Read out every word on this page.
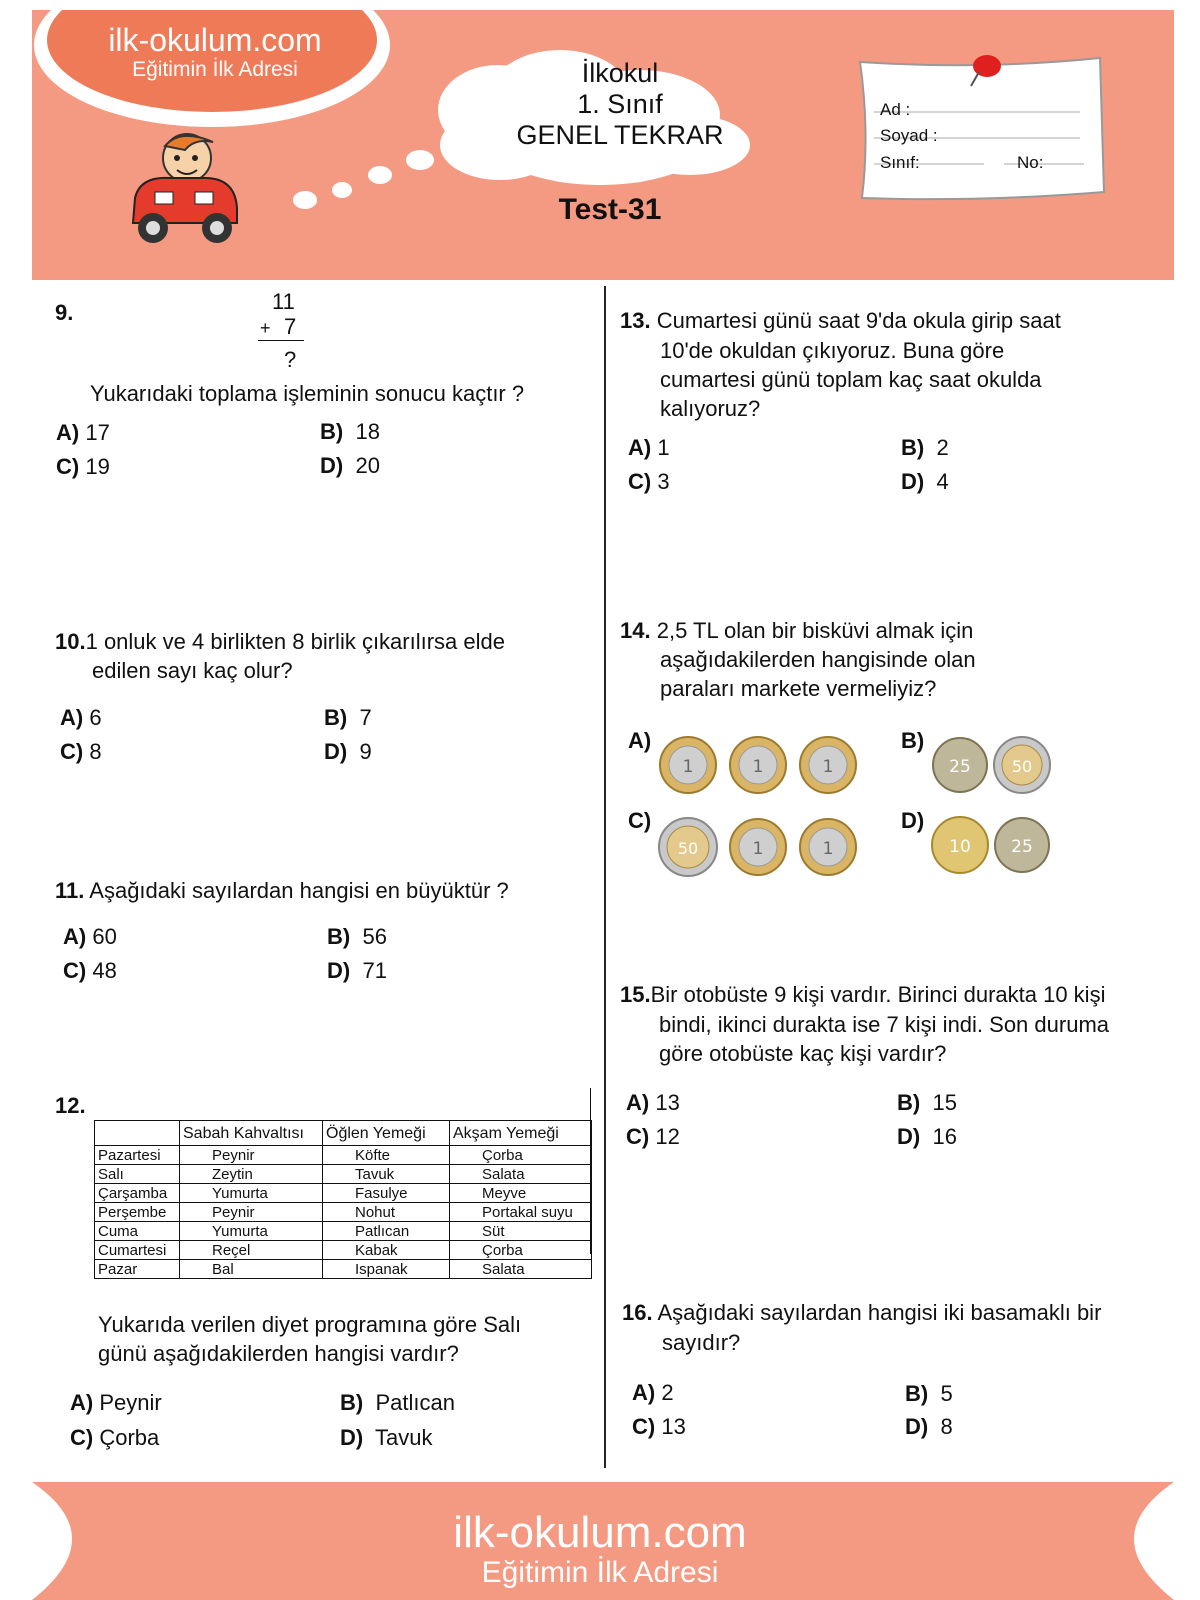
ilk-okulum.com
Eğitimin İlk Adresi	İlkokul
1. Sınıf
GENEL TEKRAR
Test-31
Ad :
Soyad :
Sınıf:	No:
9.	11
+ 7
?
Yukarıdaki toplama işleminin sonucu kaçtır ?
A) 17	B) 18
C) 19	D) 20
10.1 onluk ve 4 birlikten 8 birlik çıkarılırsa elde
edilen sayı kaç olur?
A) 6	B) 7
C) 8	D) 9
11. Aşağıdaki sayılardan hangisi en büyüktür ?
A) 60	B) 56
C) 48	D) 71
12.
	Sabah Kahvaltısı	Öğlen Yemeği	Akşam Yemeği
Pazartesi	Peynir	Köfte	Çorba
Salı	Zeytin	Tavuk	Salata
Çarşamba	Yumurta	Fasulye	Meyve
Perşembe	Peynir	Nohut	Portakal suyu
Cuma	Yumurta	Patlıcan	Süt
Cumartesi	Reçel	Kabak	Çorba
Pazar	Bal	Ispanak	Salata
Yukarıda verilen diyet programına göre Salı
günü aşağıdakilerden hangisi vardır?
A) Peynir	B) Patlıcan
C) Çorba	D) Tavuk
13. Cumartesi günü saat 9'da okula girip saat
10'de okuldan çıkıyoruz. Buna göre
cumartesi günü toplam kaç saat okulda
kalıyoruz?
A) 1	B) 2
C) 3	D) 4
14. 2,5 TL olan bir bisküvi almak için
aşağıdakilerden hangisinde olan
paraları markete vermeliyiz?
A)
1	1	1
B)
25	50
C)
50	1	1
D)
10 25
15.Bir otobüste 9 kişi vardır. Birinci durakta 10 kişi
bindi, ikinci durakta ise 7 kişi indi. Son duruma
göre otobüste kaç kişi vardır?
A) 13	B) 15
C) 12	D) 16
16. Aşağıdaki sayılardan hangisi iki basamaklı bir
sayıdır?
A) 2	B) 5
C) 13	D) 8
ilk-okulum.com
Eğitimin İlk Adresi
